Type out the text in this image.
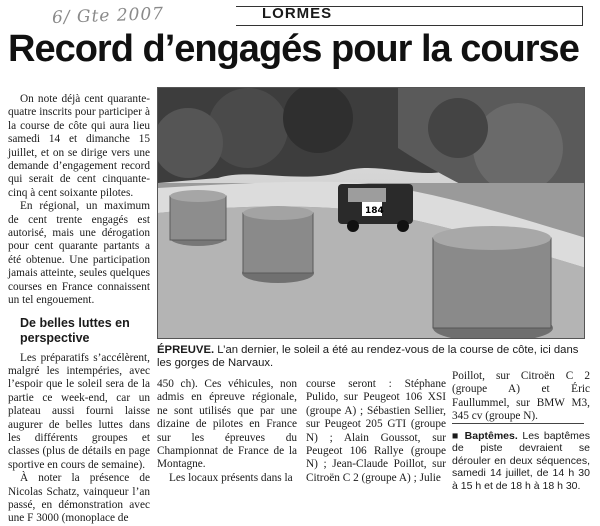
6/ Gte 2007	LORMES
Record d’engagés pour la course

On note déjà cent quarante-quatre inscrits pour participer à la course de côte qui aura lieu samedi 14 et dimanche 15 juillet, et on se dirige vers une demande d’engagement record qui serait de cent cinquante-cinq à cent soixante pilotes.

En régional, un maximum de cent trente engagés est autorisé, mais une dérogation pour cent quarante partants a été obtenue. Une participation jamais atteinte, seules quelques courses en France connaissent un tel engouement.

De belles luttes en perspective

Les préparatifs s’accélèrent, malgré les intempéries, avec l’espoir que le soleil sera de la partie ce week-end, car un plateau aussi fourni laisse augurer de belles luttes dans les différents groupes et classes (plus de détails en page sportive en cours de semaine).

À noter la présence de Nicolas Schatz, vainqueur l’an passé, en démonstration avec une F 3000 (monoplace de

184
ÉPREUVE. L’an dernier, le soleil a été au rendez-vous de la course de côte, ici dans les gorges de Narvaux.

450 ch). Ces véhicules, non admis en épreuve régionale, ne sont utilisés que par une dizaine de pilotes en France sur les épreuves du Championnat de France de la Montagne.

Les locaux présents dans la

course seront : Stéphane Pulido, sur Peugeot 106 XSI (groupe A) ; Sébastien Sellier, sur Peugeot 205 GTI (groupe N) ; Alain Goussot, sur Peugeot 106 Rallye (groupe N) ; Jean-Claude Poillot, sur Citroën C 2 (groupe A) ; Julie

Poillot, sur Citroën C 2 (groupe A) et Éric Faullummel, sur BMW M3, 345 cv (groupe N).

■ Baptêmes. Les baptêmes de piste devraient se dérouler en deux séquences, samedi 14 juillet, de 14 h 30 à 15 h et de 18 h à 18 h 30.
